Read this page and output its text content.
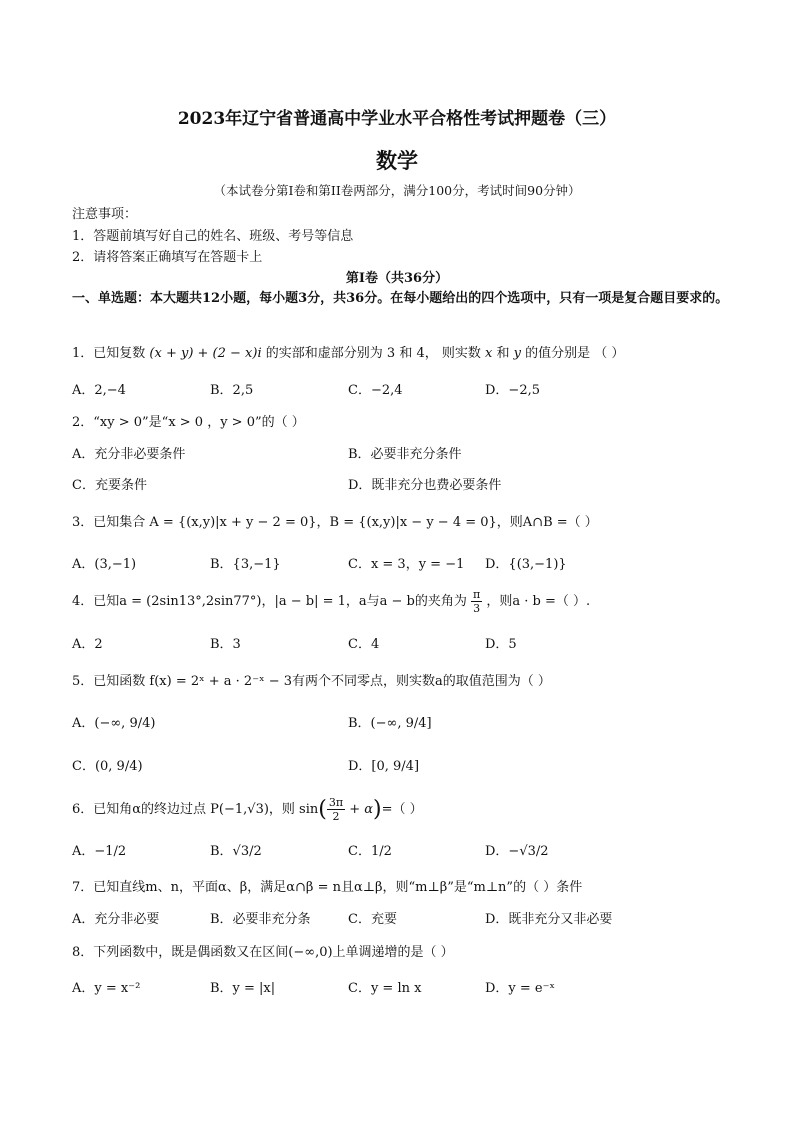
2023年辽宁省普通高中学业水平合格性考试押题卷（三）
数学
（本试卷分第Ⅰ卷和第II卷两部分，满分100分，考试时间90分钟）
注意事项：
1．答题前填写好自己的姓名、班级、考号等信息
2．请将答案正确填写在答题卡上
第Ⅰ卷（共36分）
一、单选题：本大题共12小题，每小题3分，共36分。在每小题给出的四个选项中，只有一项是复合题目要求的。
1．已知复数 (x + y) + (2 − x)i 的实部和虚部分别为 3 和 4， 则实数 x 和 y 的值分别是 （ ）
A．2,−4	B．2,5	C．−2,4	D．−2,5
2．“xy > 0”是“x > 0 ，y > 0”的（ ）
A．充分非必要条件	B．必要非充分条件
C．充要条件	D．既非充分也费必要条件
3．已知集合 A = {(x,y)|x + y − 2 = 0}，B = {(x,y)|x − y − 4 = 0}，则A∩B =（ ）
A．(3,−1)	B．{3,−1}	C．x = 3，y = −1 D．{(3,−1)}
4．已知a = (2sin13°,2sin77°)，|a − b| = 1，a与a − b的夹角为 $\frac{\pi}{3}$ ，则a · b =（ ）.
A．2	B．3	C．4	D．5
5．已知函数 f(x) = 2ˣ + a · 2⁻ˣ − 3有两个不同零点，则实数a的取值范围为（ ）
A．(−∞, 9/4)	B．(−∞, 9/4]
C．(0, 9/4)	D．[0, 9/4]
6．已知角α的终边过点 P(−1,√3)，则 $\sin( \frac{3\pi}{2} + \alpha)=$（ ）
A．−1/2	B．√3/2	C．1/2	D．−√3/2
7．已知直线m、n，平面α、β，满足α∩β = n且α⊥β，则“m⊥β”是“m⊥n”的（ ）条件
A．充分非必要	B．必要非充分条	C．充要	D．既非充分又非必要
8．下列函数中，既是偶函数又在区间(−∞,0)上单调递增的是（ ）
A．y = x⁻²	B．y = |x|	C．y = ln x	D．y = e⁻ˣ
